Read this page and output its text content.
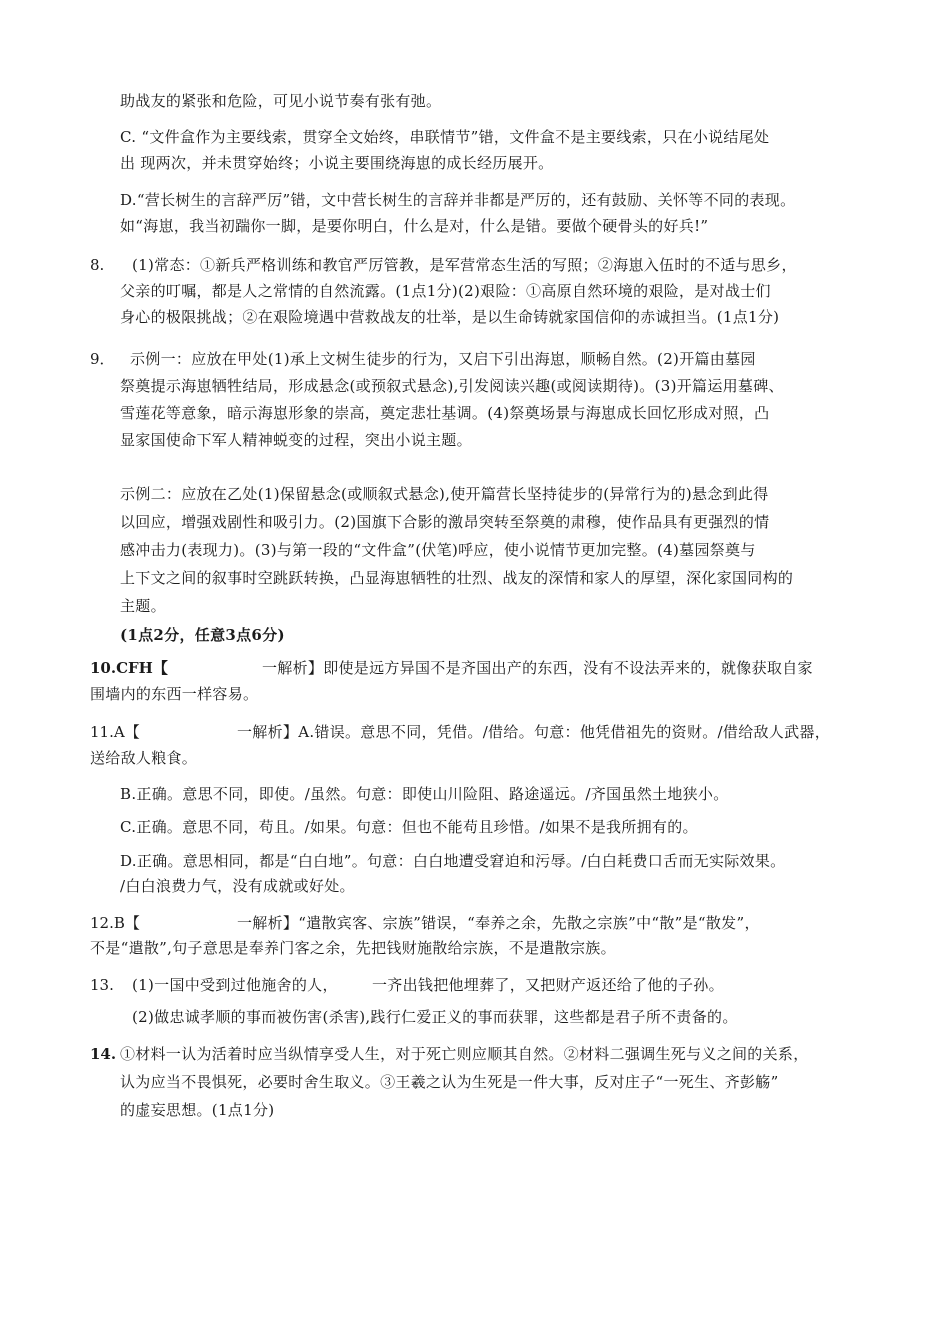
助战友的紧张和危险，可见小说节奏有张有弛。
C. “文件盒作为主要线索，贯穿全文始终，串联情节”错，文件盒不是主要线索，只在小说结尾处
出 现两次，并未贯穿始终；小说主要围绕海崽的成长经历展开。
D.“营长树生的言辞严厉”错，文中营长树生的言辞并非都是严厉的，还有鼓励、关怀等不同的表现。
如“海崽，我当初踹你一脚，是要你明白，什么是对，什么是错。要做个硬骨头的好兵!”
8. (1)常态：①新兵严格训练和教官严厉管教，是军营常态生活的写照；②海崽入伍时的不适与思乡，
父亲的叮嘱，都是人之常情的自然流露。(1点1分)(2)艰险：①高原自然环境的艰险，是对战士们
身心的极限挑战；②在艰险境遇中营救战友的壮举，是以生命铸就家国信仰的赤诚担当。(1点1分)
9． 示例一：应放在甲处(1)承上文树生徒步的行为，又启下引出海崽，顺畅自然。(2)开篇由墓园
祭奠提示海崽牺牲结局，形成悬念(或预叙式悬念),引发阅读兴趣(或阅读期待)。(3)开篇运用墓碑、
雪莲花等意象，暗示海崽形象的崇高，奠定悲壮基调。(4)祭奠场景与海崽成长回忆形成对照，凸
显家国使命下军人精神蜕变的过程，突出小说主题。
示例二：应放在乙处(1)保留悬念(或顺叙式悬念),使开篇营长坚持徒步的(异常行为的)悬念到此得
以回应，增强戏剧性和吸引力。(2)国旗下合影的激昂突转至祭奠的肃穆，使作品具有更强烈的情
感冲击力(表现力)。(3)与第一段的“文件盒”(伏笔)呼应，使小说情节更加完整。(4)墓园祭奠与
上下文之间的叙事时空跳跃转换，凸显海崽牺牲的壮烈、战友的深情和家人的厚望，深化家国同构的
主题。
(1点2分，任意3点6分)
10.CFH【	一解析】即使是远方异国不是齐国出产的东西，没有不设法弄来的，就像获取自家
围墙内的东西一样容易。
11.A【	一解析】A.错误。意思不同，凭借。/借给。句意：他凭借祖先的资财。/借给敌人武器，
送给敌人粮食。
B.正确。意思不同，即使。/虽然。句意：即使山川险阻、路途遥远。/齐国虽然土地狭小。
C.正确。意思不同，苟且。/如果。句意：但也不能苟且珍惜。/如果不是我所拥有的。
D.正确。意思相同，都是“白白地”。句意：白白地遭受窘迫和污辱。/白白耗费口舌而无实际效果。
/白白浪费力气，没有成就或好处。
12.B【	一解析】“遣散宾客、宗族”错误，“奉养之余，先散之宗族”中“散”是“散发”，
不是“遣散”,句子意思是奉养门客之余，先把钱财施散给宗族，不是遣散宗族。
13. (1)一国中受到过他施舍的人， 一齐出钱把他埋葬了，又把财产返还给了他的子孙。
(2)做忠诚孝顺的事而被伤害(杀害),践行仁爱正义的事而获罪，这些都是君子所不责备的。
14. ①材料一认为活着时应当纵情享受人生，对于死亡则应顺其自然。②材料二强调生死与义之间的关系，
认为应当不畏惧死，必要时舍生取义。③王羲之认为生死是一件大事，反对庄子“一死生、齐彭觞”
的虚妄思想。(1点1分)
